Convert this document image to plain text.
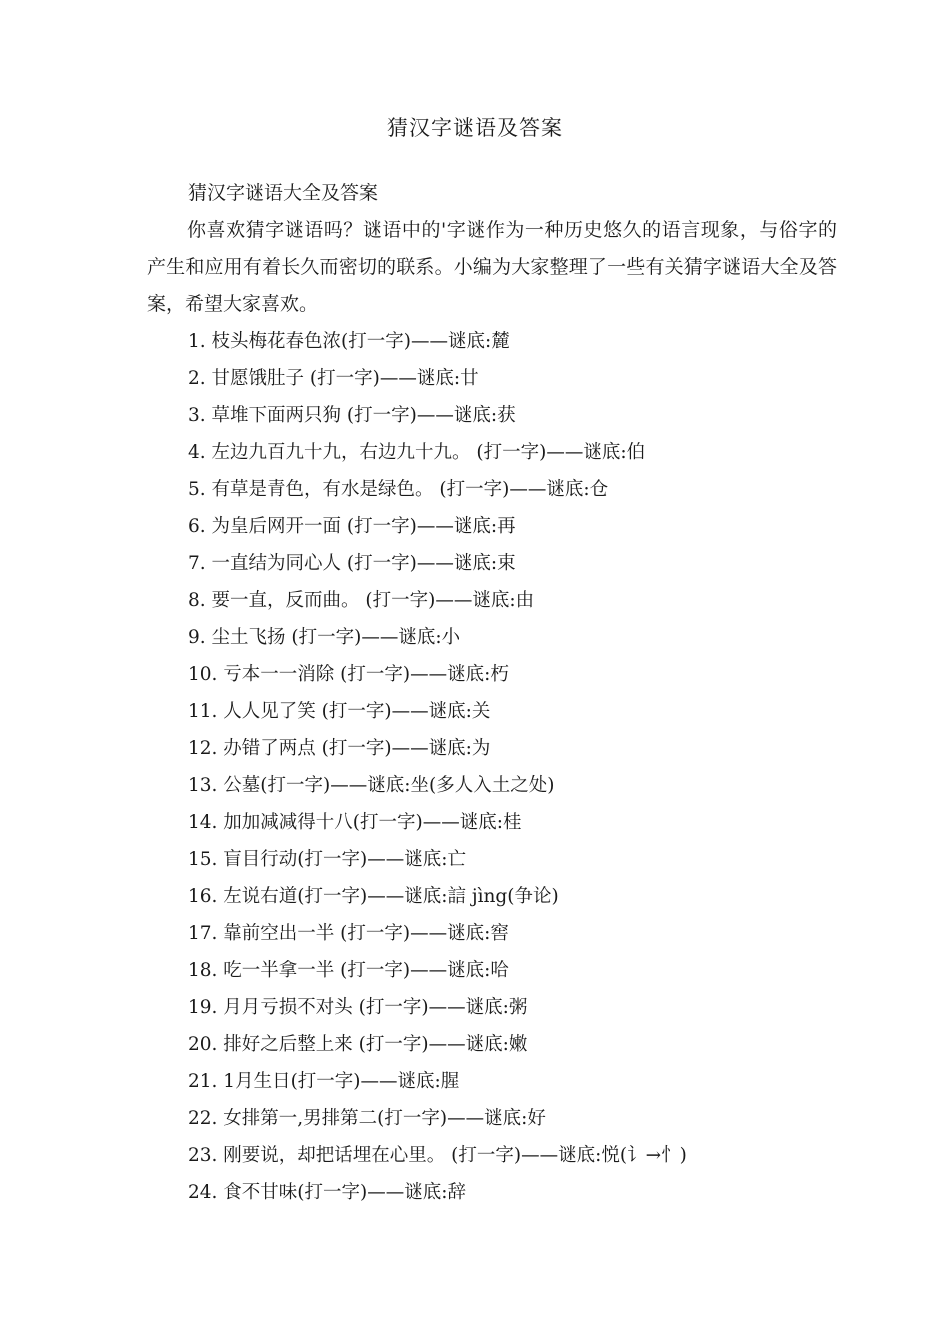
猜汉字谜语及答案
猜汉字谜语大全及答案
你喜欢猜字谜语吗？谜语中的'字谜作为一种历史悠久的语言现象，与俗字的产生和应用有着长久而密切的联系。小编为大家整理了一些有关猜字谜语大全及答案，希望大家喜欢。
1. 枝头梅花春色浓(打一字)——谜底:麓
2. 甘愿饿肚子 (打一字)——谜底:廿
3. 草堆下面两只狗 (打一字)——谜底:获
4. 左边九百九十九，右边九十九。 (打一字)——谜底:伯
5. 有草是青色，有水是绿色。 (打一字)——谜底:仓
6. 为皇后网开一面 (打一字)——谜底:再
7. 一直结为同心人 (打一字)——谜底:束
8. 要一直，反而曲。 (打一字)——谜底:由
9. 尘土飞扬 (打一字)——谜底:小
10. 亏本一一消除 (打一字)——谜底:朽
11. 人人见了笑 (打一字)——谜底:关
12. 办错了两点 (打一字)——谜底:为
13. 公墓(打一字)——谜底:坐(多人入土之处)
14. 加加减减得十八(打一字)——谜底:桂
15. 盲目行动(打一字)——谜底:亡
16. 左说右道(打一字)——谜底:誩 jìng(争论)
17. 靠前空出一半 (打一字)——谜底:窖
18. 吃一半拿一半 (打一字)——谜底:哈
19. 月月亏损不对头 (打一字)——谜底:粥
20. 排好之后整上来 (打一字)——谜底:嫩
21. 1月生日(打一字)——谜底:腥
22. 女排第一,男排第二(打一字)——谜底:好
23. 刚要说，却把话埋在心里。 (打一字)——谜底:悦(讠→忄)
24. 食不甘味(打一字)——谜底:辞
